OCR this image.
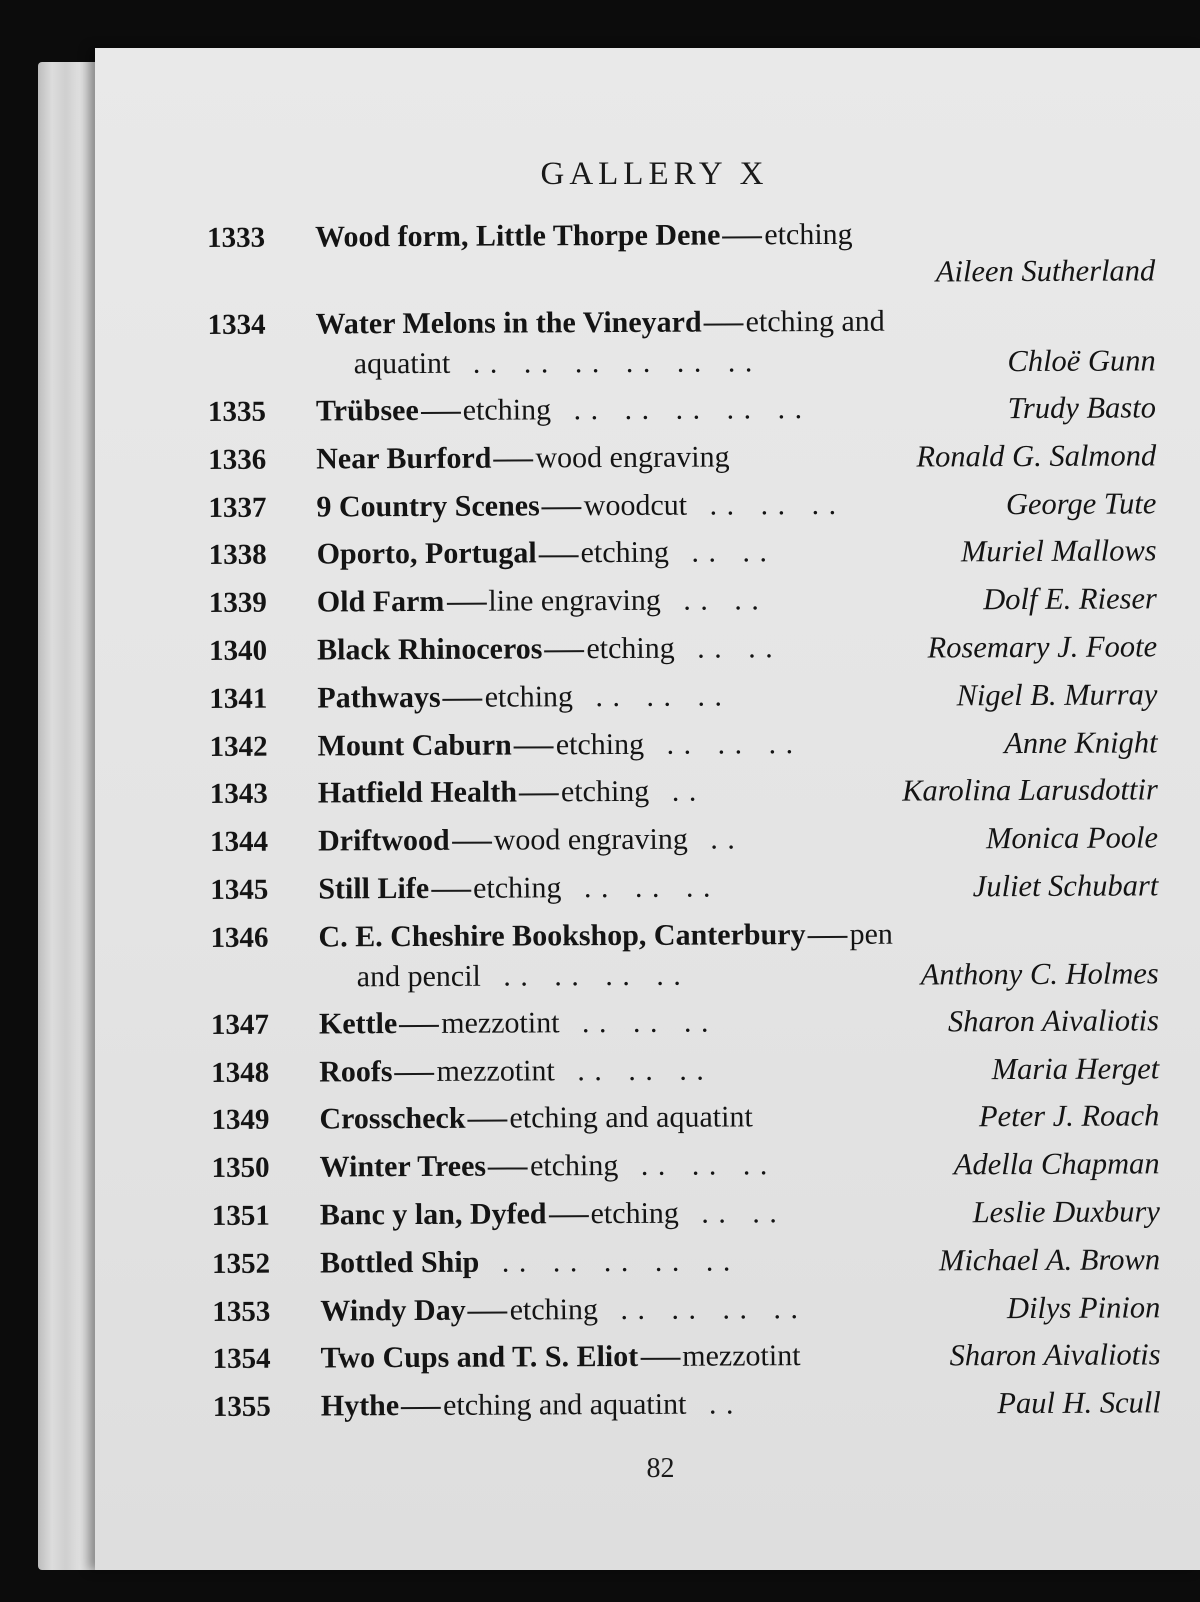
GALLERY X
1333 Wood form, Little Thorpe Dene etching
Aileen Sutherland
1334 Water Melons in the Vineyard etching and
aquatint . .   . .   . .   . .   . .   . .	Chloë Gunn
1335 Trübsee etching . .   . .   . .   . .   . .	Trudy Basto
1336 Near Burford wood engraving	Ronald G. Salmond
1337 9 Country Scenes woodcut . .   . .   . .	George Tute
1338 Oporto, Portugal etching . .   . .	Muriel Mallows
1339 Old Farm line engraving . .   . .	Dolf E. Rieser
1340 Black Rhinoceros etching . .   . .	Rosemary J. Foote
1341 Pathways etching . .   . .   . .	Nigel B. Murray
1342 Mount Caburn etching . .   . .   . .	Anne Knight
1343 Hatfield Health etching . .	Karolina Larusdottir
1344 Driftwood wood engraving . .	Monica Poole
1345 Still Life etching . .   . .   . .	Juliet Schubart
1346 C. E. Cheshire Bookshop, Canterbury pen
and pencil . .   . .   . .   . .	Anthony C. Holmes
1347 Kettle mezzotint . .   . .   . .	Sharon Aivaliotis
1348 Roofs mezzotint . .   . .   . .	Maria Herget
1349 Crosscheck etching and aquatint	Peter J. Roach
1350 Winter Trees etching . .   . .   . .	Adella Chapman
1351 Banc y lan, Dyfed etching . .   . .	Leslie Duxbury
1352 Bottled Ship . .   . .   . .   . .   . .	Michael A. Brown
1353 Windy Day etching . .   . .   . .   . .	Dilys Pinion
1354 Two Cups and T. S. Eliot mezzotint	Sharon Aivaliotis
1355 Hythe etching and aquatint . .	Paul H. Scull
82
